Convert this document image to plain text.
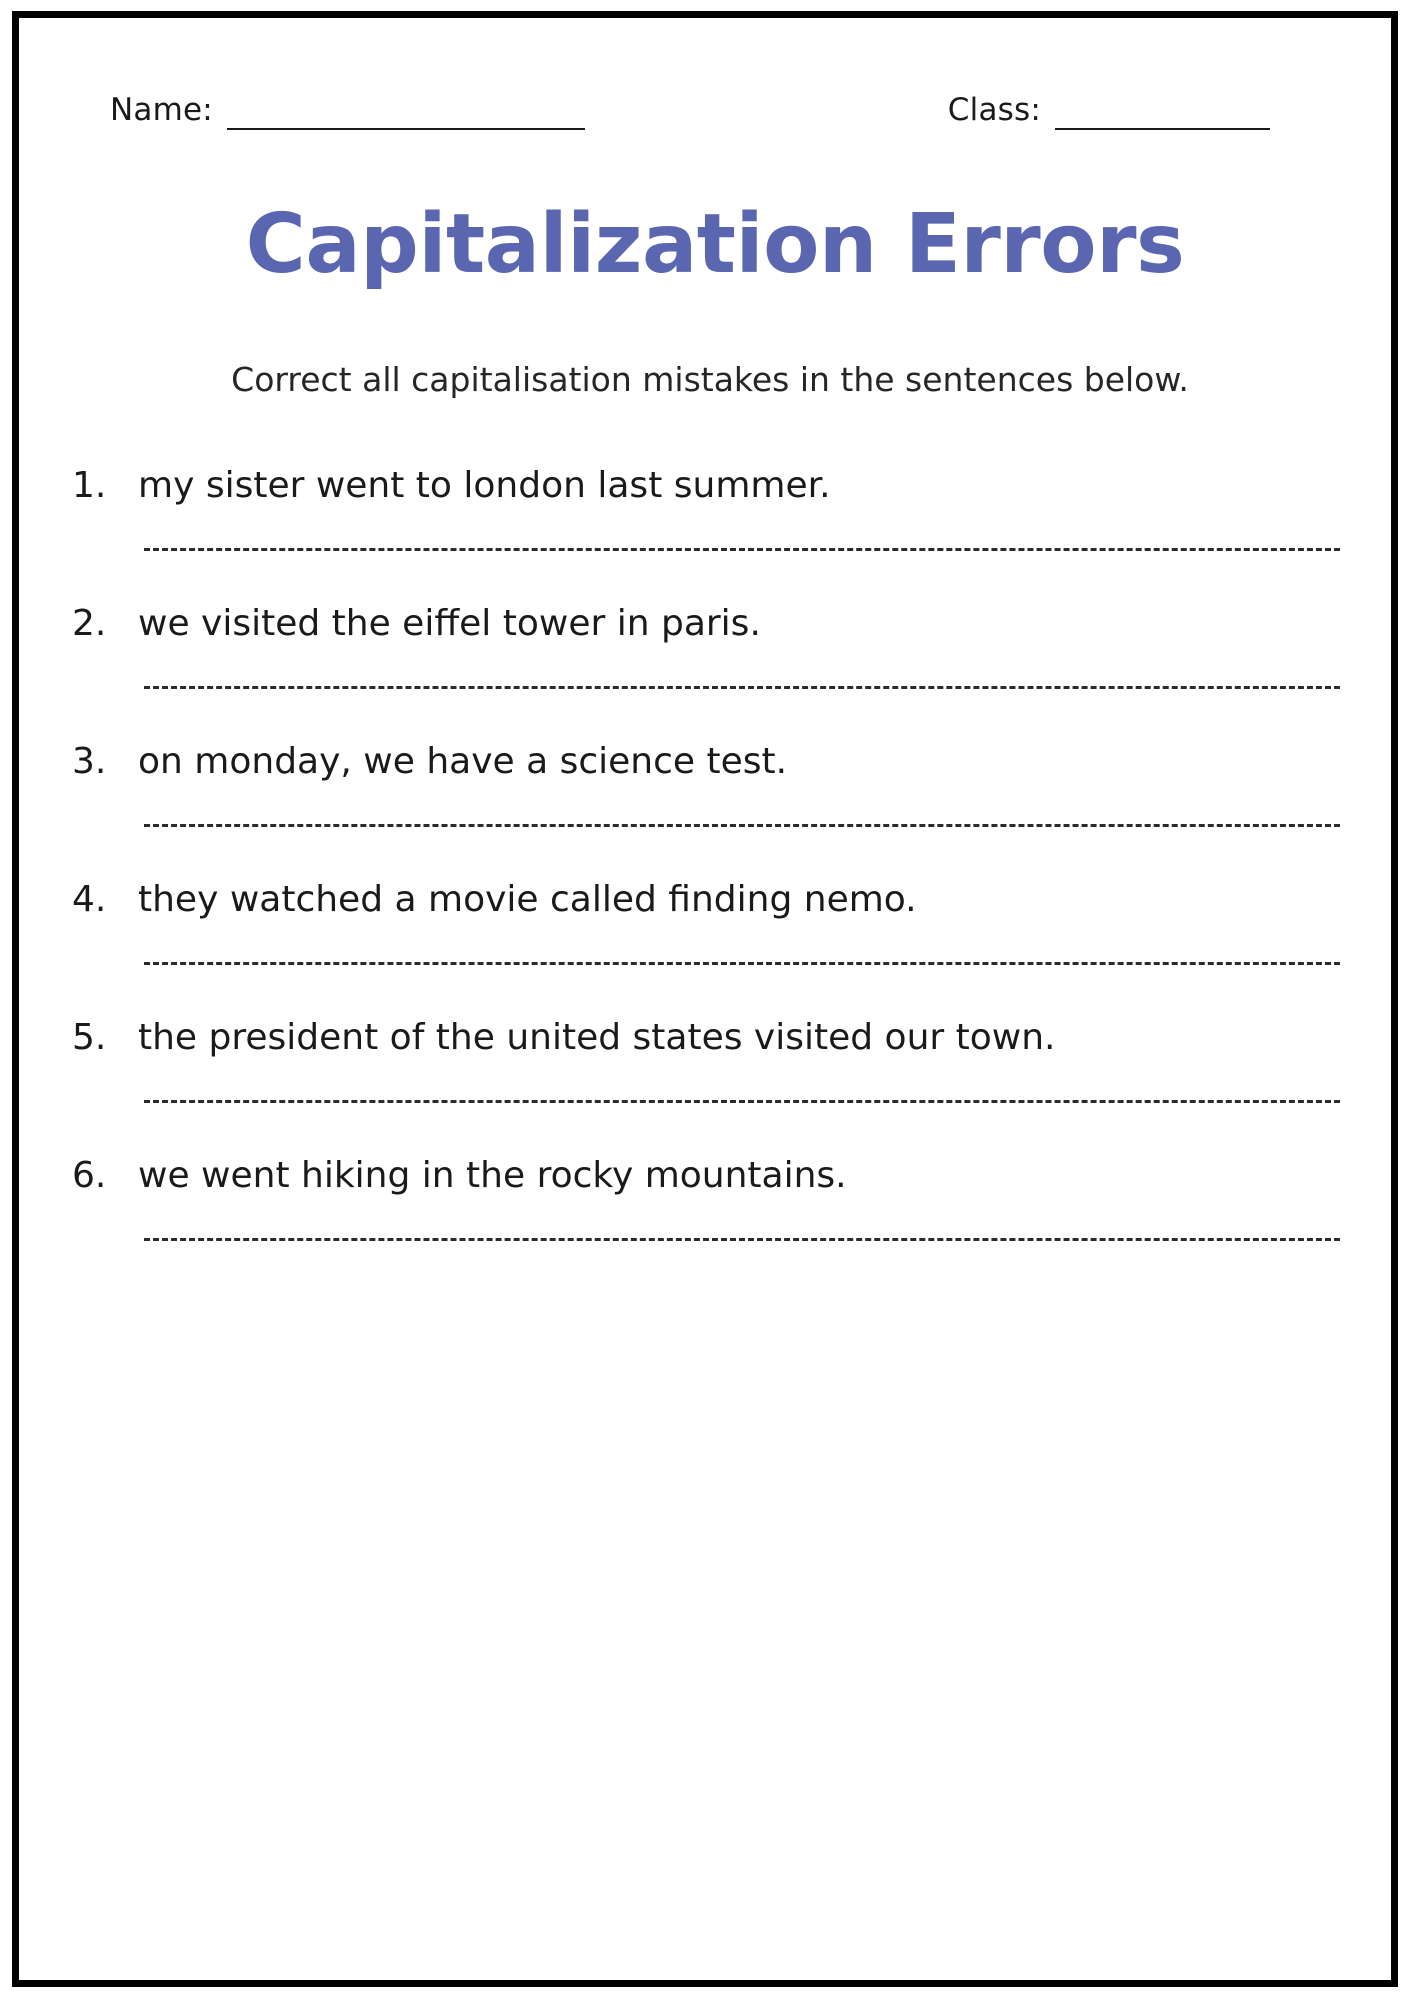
Name:	Class:
Capitalization Errors
Correct all capitalisation mistakes in the sentences below.
1. my sister went to london last summer.
2. we visited the eiffel tower in paris.
3. on monday, we have a science test.
4. they watched a movie called finding nemo.
5. the president of the united states visited our town.
6. we went hiking in the rocky mountains.
